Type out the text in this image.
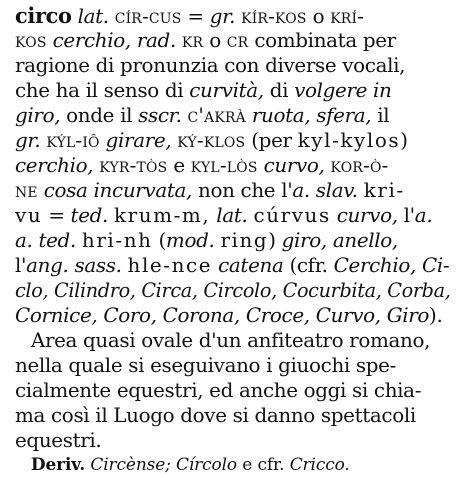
circo lat. cír-cus = gr. kír-kos o krí-
kos cerchio, rad. kr o cr combinata per
ragione di pronunzia con diverse vocali,
che ha il senso di curvità, di volgere in
giro, onde il sscr. c'akrà ruota, sfera, il
gr. kýl-iô girare, ký-klos (per kyl-kylos)
cerchio, kyr-tòs e kyl-lòs curvo, kor-ò-
ne cosa incurvata, non che l'a. slav. kri-
vu = ted. krum-m, lat. cúrvus curvo, l'a.
a. ted. hri-nh (mod. ring) giro, anello,
l'ang. sass. hle-nce catena (cfr. Cerchio, Ci-
clo, Cilindro, Circa, Circolo, Cocurbita, Corba,
Cornice, Coro, Corona, Croce, Curvo, Giro).
Area quasi ovale d'un anfiteatro romano,
nella quale si eseguivano i giuochi spe-
cialmente equestri, ed anche oggi si chia-
ma così il Luogo dove si danno spettacoli
equestri.
Deriv. Circènse; Círcolo e cfr. Cricco.
